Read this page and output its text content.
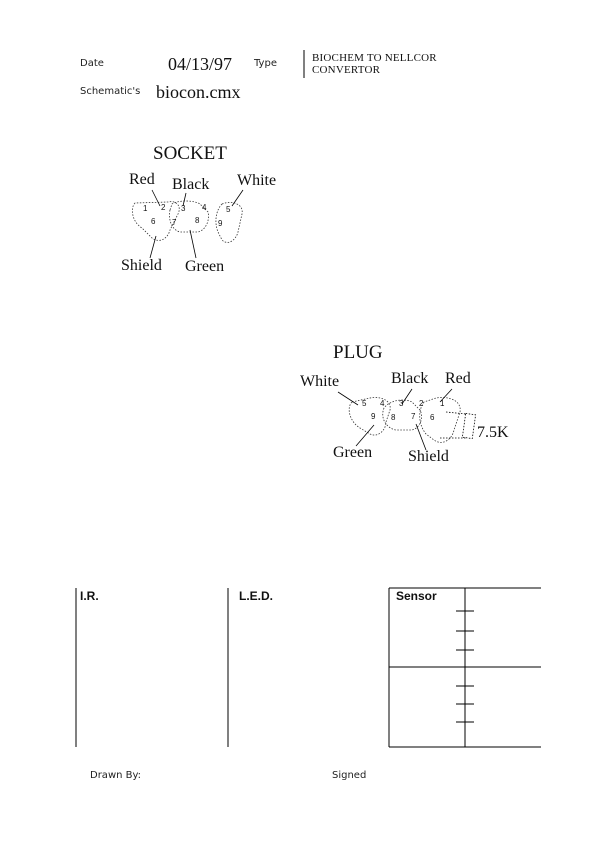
Date	04/13/97 Type	BIOCHEM TO NELLCOR
CONVERTOR
Schematic's biocon.cmx
SOCKET
Red Black White
Shield Green
PLUG
White	Black Red
Green Shield
7.5K
I.R.	L.E.D.	Sensor
Drawn By:	Signed
1 2 3 4 5
6 7 8 9
5 4 3 2 1
9 8 7 6
